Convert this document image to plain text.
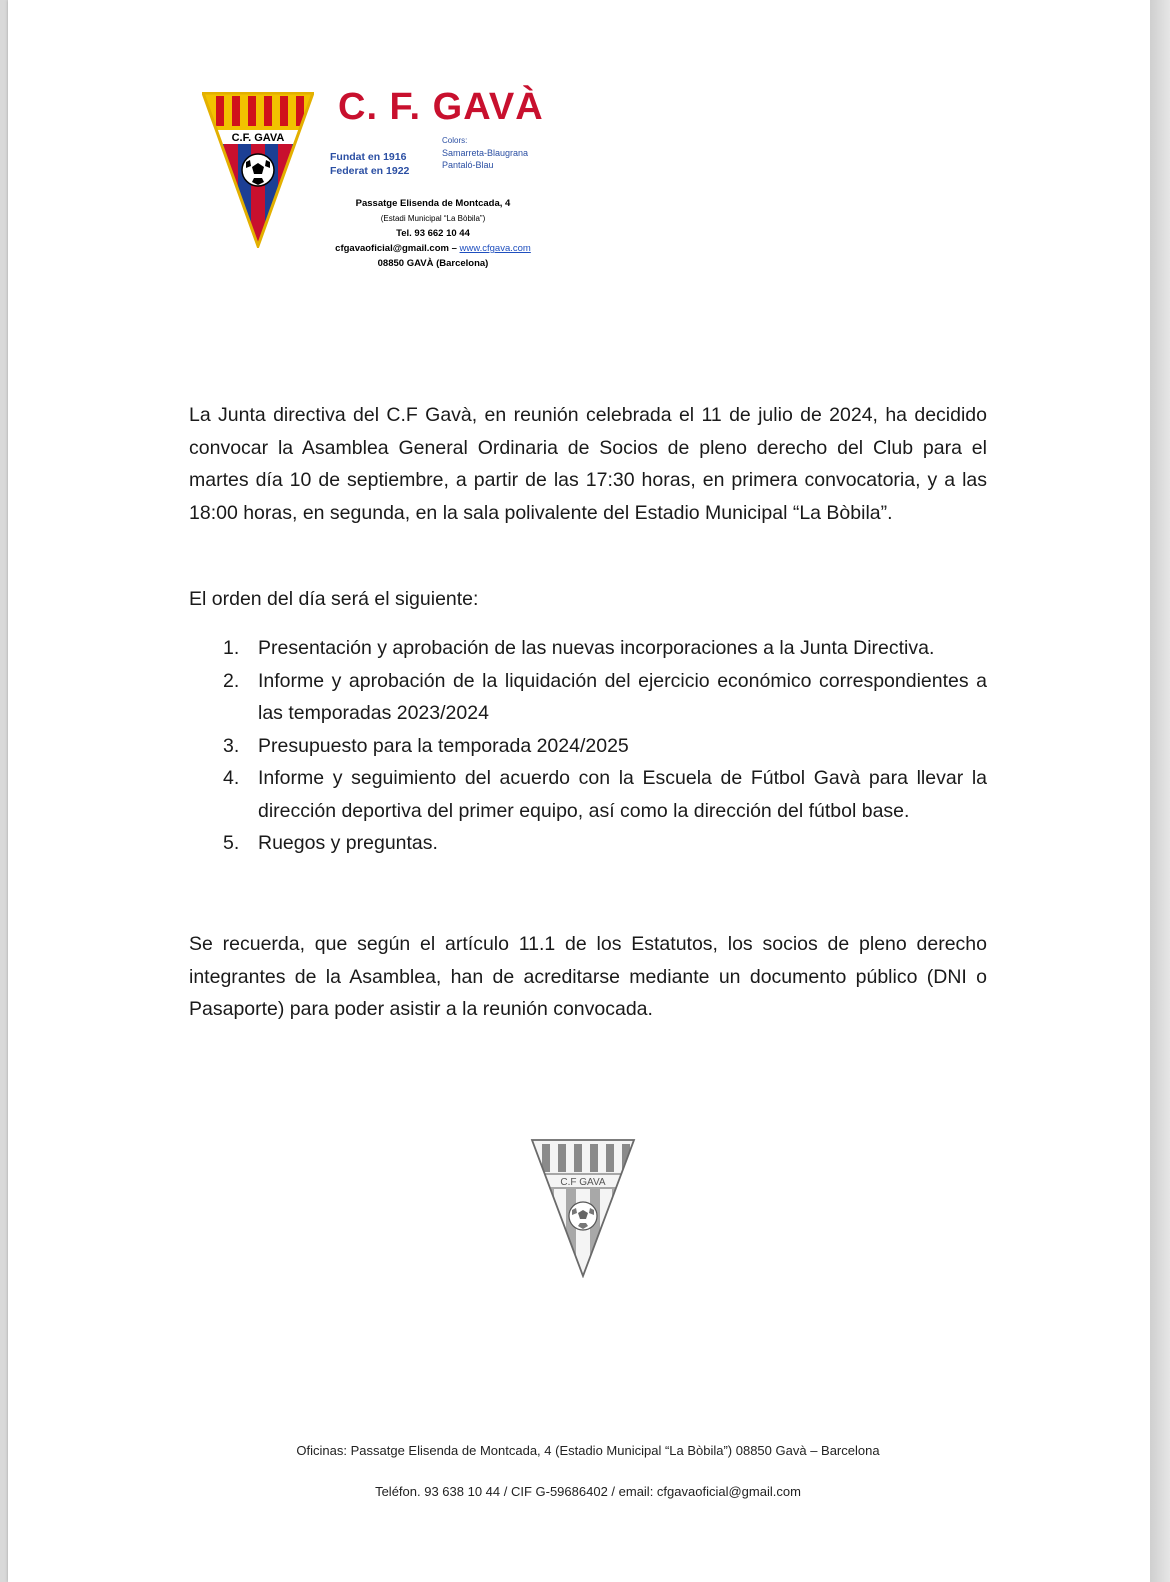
C.F. GAVA
C. F. GAVÀ
Fundat en 1916
Federat en 1922
Colors:
Samarreta-Blaugrana
Pantaló-Blau
Passatge Elisenda de Montcada, 4
(Estadi Municipal “La Bòbila”)
Tel. 93 662 10 44
cfgavaoficial@gmail.com – www.cfgava.com
08850 GAVÀ (Barcelona)

La Junta directiva del C.F Gavà, en reunión celebrada el 11 de julio de 2024, ha decidido convocar la Asamblea General Ordinaria de Socios de pleno derecho del Club para el martes día 10 de septiembre, a partir de las 17:30 horas, en primera convocatoria, y a las 18:00 horas, en segunda, en la sala polivalente del Estadio Municipal “La Bòbila”.

El orden del día será el siguiente:

1. Presentación y aprobación de las nuevas incorporaciones a la Junta Directiva.
2. Informe y aprobación de la liquidación del ejercicio económico correspondientes a las temporadas 2023/2024
3. Presupuesto para la temporada 2024/2025
4. Informe y seguimiento del acuerdo con la Escuela de Fútbol Gavà para llevar la dirección deportiva del primer equipo, así como la dirección del fútbol base.
5. Ruegos y preguntas.

Se recuerda, que según el artículo 11.1 de los Estatutos, los socios de pleno derecho integrantes de la Asamblea, han de acreditarse mediante un documento público (DNI o Pasaporte) para poder asistir a la reunión convocada.

C.F GAVA
Oficinas: Passatge Elisenda de Montcada, 4 (Estadio Municipal “La Bòbila”) 08850 Gavà – Barcelona
Teléfon. 93 638 10 44 / CIF G-59686402 / email: cfgavaoficial@gmail.com
